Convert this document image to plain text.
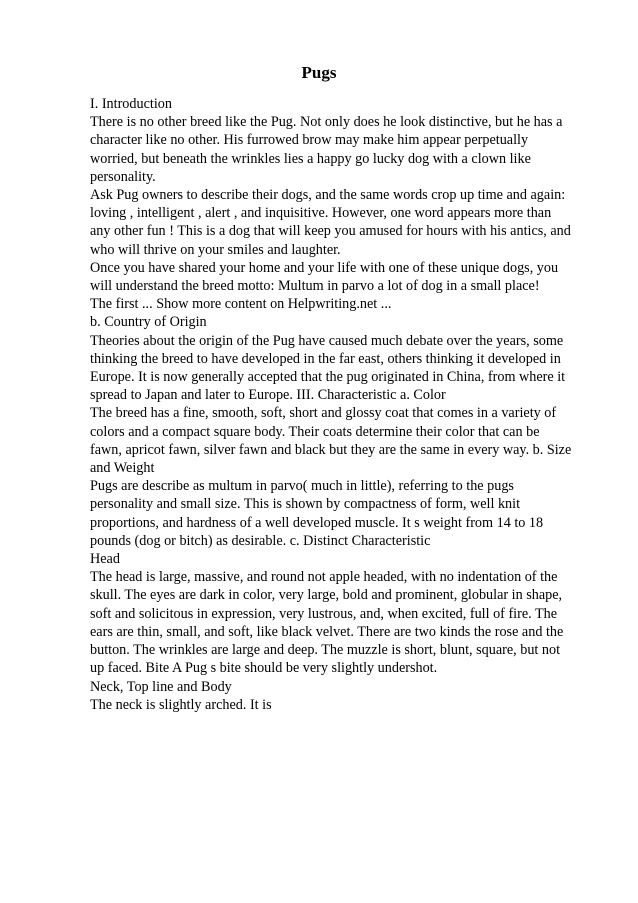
Pugs
I. Introduction
There is no other breed like the Pug. Not only does he look distinctive, but he has a
character like no other. His furrowed brow may make him appear perpetually
worried, but beneath the wrinkles lies a happy go lucky dog with a clown like
personality.
Ask Pug owners to describe their dogs, and the same words crop up time and again:
loving , intelligent , alert , and inquisitive. However, one word appears more than
any other fun ! This is a dog that will keep you amused for hours with his antics, and
who will thrive on your smiles and laughter.
Once you have shared your home and your life with one of these unique dogs, you
will understand the breed motto: Multum in parvo a lot of dog in a small place!
The first ... Show more content on Helpwriting.net ...
b. Country of Origin
Theories about the origin of the Pug have caused much debate over the years, some
thinking the breed to have developed in the far east, others thinking it developed in
Europe. It is now generally accepted that the pug originated in China, from where it
spread to Japan and later to Europe. III. Characteristic a. Color
The breed has a fine, smooth, soft, short and glossy coat that comes in a variety of
colors and a compact square body. Their coats determine their color that can be
fawn, apricot fawn, silver fawn and black but they are the same in every way. b. Size
and Weight
Pugs are describe as multum in parvo( much in little), referring to the pugs
personality and small size. This is shown by compactness of form, well knit
proportions, and hardness of a well developed muscle. It s weight from 14 to 18
pounds (dog or bitch) as desirable. c. Distinct Characteristic
Head
The head is large, massive, and round not apple headed, with no indentation of the
skull. The eyes are dark in color, very large, bold and prominent, globular in shape,
soft and solicitous in expression, very lustrous, and, when excited, full of fire. The
ears are thin, small, and soft, like black velvet. There are two kinds the rose and the
button. The wrinkles are large and deep. The muzzle is short, blunt, square, but not
up faced. Bite A Pug s bite should be very slightly undershot.
Neck, Top line and Body
The neck is slightly arched. It is
